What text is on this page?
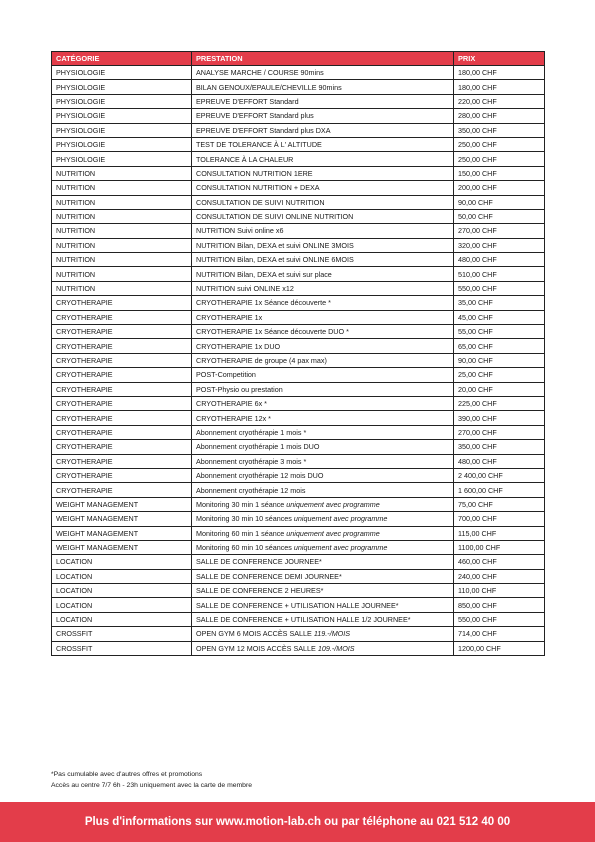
CATÉGORIE	PRESTATION	PRIX
PHYSIOLOGIE	ANALYSE MARCHE / COURSE 90mins	180,00 CHF
PHYSIOLOGIE	BILAN GENOUX/EPAULE/CHEVILLE 90mins	180,00 CHF
PHYSIOLOGIE	EPREUVE D'EFFORT Standard	220,00 CHF
PHYSIOLOGIE	EPREUVE D'EFFORT Standard plus	280,00 CHF
PHYSIOLOGIE	EPREUVE D'EFFORT Standard plus DXA	350,00 CHF
PHYSIOLOGIE	TEST DE TOLERANCE À L' ALTITUDE	250,00 CHF
PHYSIOLOGIE	TOLERANCE À LA CHALEUR	250,00 CHF
NUTRITION	CONSULTATION NUTRITION 1ERE	150,00 CHF
NUTRITION	CONSULTATION NUTRITION + DEXA	200,00 CHF
NUTRITION	CONSULTATION DE SUIVI NUTRITION	90,00 CHF
NUTRITION	CONSULTATION DE SUIVI ONLINE NUTRITION	50,00 CHF
NUTRITION	NUTRITION Suivi online x6	270,00 CHF
NUTRITION	NUTRITION Bilan, DEXA et suivi ONLINE 3MOIS	320,00 CHF
NUTRITION	NUTRITION Bilan, DEXA et suivi ONLINE 6MOIS	480,00 CHF
NUTRITION	NUTRITION Bilan, DEXA et suivi sur place	510,00 CHF
NUTRITION	NUTRITION suivi ONLINE x12	550,00 CHF
CRYOTHERAPIE	CRYOTHERAPIE 1x Séance découverte *	35,00 CHF
CRYOTHERAPIE	CRYOTHERAPIE 1x	45,00 CHF
CRYOTHERAPIE	CRYOTHERAPIE 1x Séance découverte DUO *	55,00 CHF
CRYOTHERAPIE	CRYOTHERAPIE 1x DUO	65,00 CHF
CRYOTHERAPIE	CRYOTHERAPIE de groupe (4 pax max)	90,00 CHF
CRYOTHERAPIE	POST-Competition	25,00 CHF
CRYOTHERAPIE	POST-Physio ou prestation	20,00 CHF
CRYOTHERAPIE	CRYOTHERAPIE 6x *	225,00 CHF
CRYOTHERAPIE	CRYOTHERAPIE 12x *	390,00 CHF
CRYOTHERAPIE	Abonnement cryothérapie 1 mois *	270,00 CHF
CRYOTHERAPIE	Abonnement cryothérapie 1 mois DUO	350,00 CHF
CRYOTHERAPIE	Abonnement cryothérapie 3 mois *	480,00 CHF
CRYOTHERAPIE	Abonnement cryothérapie 12 mois DUO	2 400,00 CHF
CRYOTHERAPIE	Abonnement cryothérapie 12 mois	1 600,00 CHF
WEIGHT MANAGEMENT	Monitoring 30 min 1 séance uniquement avec programme	75,00 CHF
WEIGHT MANAGEMENT	Monitoring 30 min 10 séances uniquement avec programme	700,00 CHF
WEIGHT MANAGEMENT	Monitoring 60 min 1 séance uniquement avec programme	115,00 CHF
WEIGHT MANAGEMENT	Monitoring 60 min 10 séances uniquement avec programme	1100,00 CHF
LOCATION	SALLE DE CONFERENCE JOURNEE*	460,00 CHF
LOCATION	SALLE DE CONFERENCE DEMI JOURNEE*	240,00 CHF
LOCATION	SALLE DE CONFERENCE 2 HEURES*	110,00 CHF
LOCATION	SALLE DE CONFERENCE + UTILISATION HALLE JOURNEE*	850,00 CHF
LOCATION	SALLE DE CONFERENCE + UTILISATION HALLE 1/2 JOURNEE*	550,00 CHF
CROSSFIT	OPEN GYM 6 MOIS ACCÈS SALLE 119.-/MOIS	714,00 CHF
CROSSFIT	OPEN GYM 12 MOIS ACCÈS SALLE 109.-/MOIS	1200,00 CHF
*Pas cumulable avec d'autres offres et promotions
Accès au centre 7/7 6h - 23h uniquement avec la carte de membre
Plus d'informations sur www.motion-lab.ch ou par téléphone au 021 512 40 00
